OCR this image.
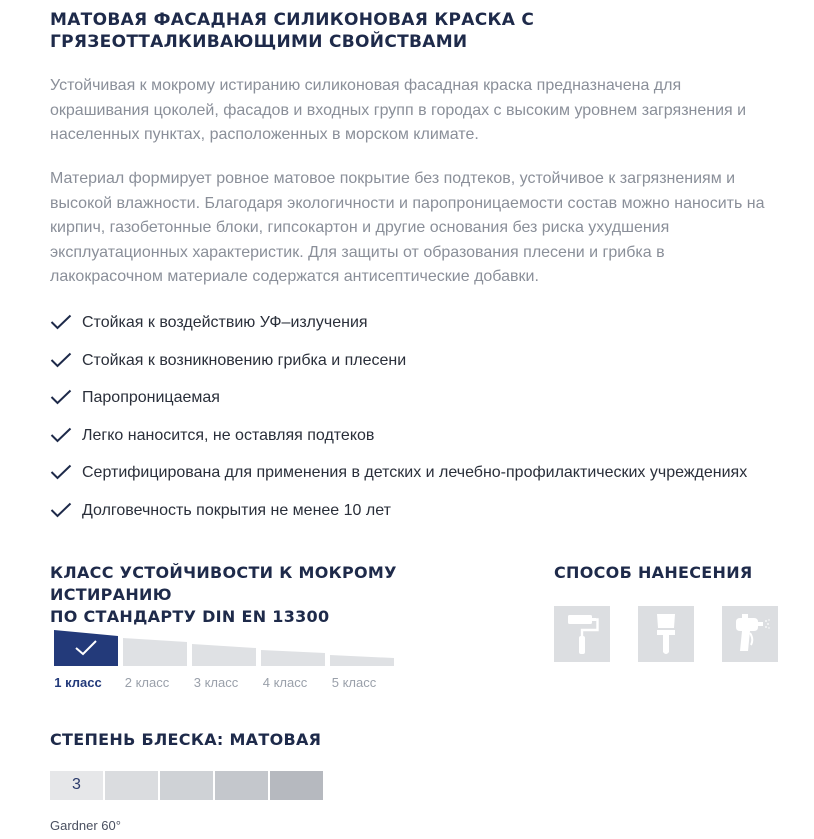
МАТОВАЯ ФАСАДНАЯ СИЛИКОНОВАЯ КРАСКА С ГРЯЗЕОТТАЛКИВАЮЩИМИ СВОЙСТВАМИ
Устойчивая к мокрому истиранию силиконовая фасадная краска предназначена для окрашивания цоколей, фасадов и входных групп в городах с высоким уровнем загрязнения и населенных пунктах, расположенных в морском климате.
Материал формирует ровное матовое покрытие без подтеков, устойчивое к загрязнениям и высокой влажности. Благодаря экологичности и паропроницаемости состав можно наносить на кирпич, газобетонные блоки, гипсокартон и другие основания без риска ухудшения эксплуатационных характеристик. Для защиты от образования плесени и грибка в лакокрасочном материале содержатся антисептические добавки.
Стойкая к воздействию УФ–излучения
Стойкая к возникновению грибка и плесени
Паропроницаемая
Легко наносится, не оставляя подтеков
Сертифицирована для применения в детских и лечебно-профилактических учреждениях
Долговечность покрытия не менее 10 лет
КЛАСС УСТОЙЧИВОСТИ К МОКРОМУ ИСТИРАНИЮ
ПО СТАНДАРТУ DIN EN 13300
1 класс	2 класс	3 класс	4 класс	5 класс
СПОСОБ НАНЕСЕНИЯ
СТЕПЕНЬ БЛЕСКА: МАТОВАЯ
3
Gardner 60°
